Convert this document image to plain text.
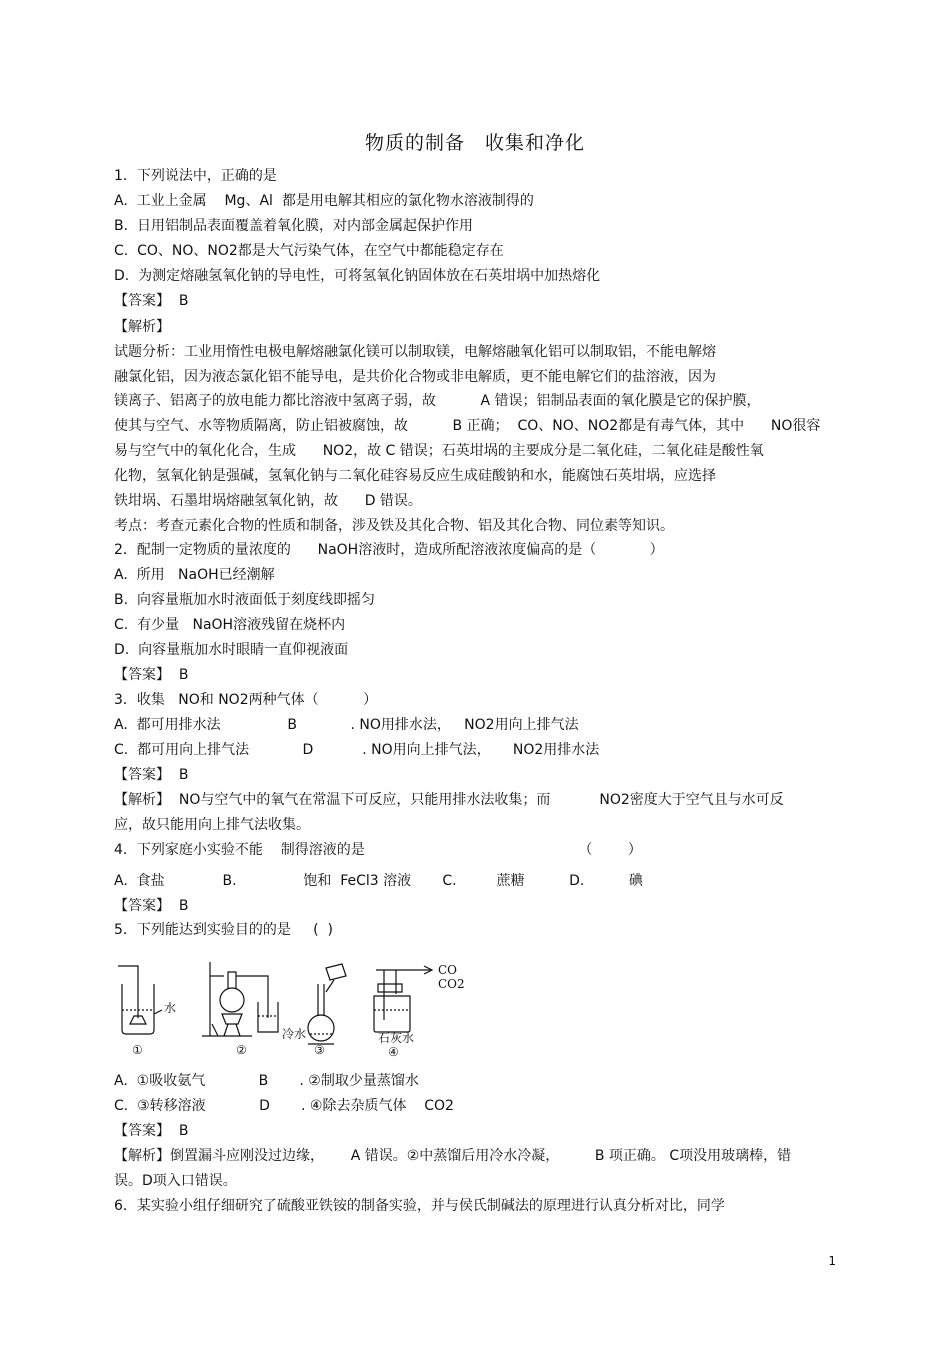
物质的制备　收集和净化
1．下列说法中，正确的是
A.  工业上金属    Mg、Al  都是用电解其相应的氯化物水溶液制得的
B.  日用铝制品表面覆盖着氧化膜，对内部金属起保护作用
C.  CO、NO、NO2都是大气污染气体，在空气中都能稳定存在
D.  为测定熔融氢氧化钠的导电性，可将氢氧化钠固体放在石英坩埚中加热熔化
【答案】  B
【解析】
试题分析：工业用惰性电极电解熔融氯化镁可以制取镁，电解熔融氧化铝可以制取铝，不能电解熔
融氯化铝，因为液态氯化铝不能导电，是共价化合物或非电解质，更不能电解它们的盐溶液，因为
镁离子、铝离子的放电能力都比溶液中氢离子弱，故          A 错误；铝制品表面的氧化膜是它的保护膜，
使其与空气、水等物质隔离，防止铝被腐蚀，故          B 正确；  CO、NO、NO2都是有毒气体，其中      NO很容
易与空气中的氧化化合，生成      NO2，故 C 错误；石英坩埚的主要成分是二氧化硅，二氧化硅是酸性氧
化物，氢氧化钠是强碱，氢氧化钠与二氧化硅容易反应生成硅酸钠和水，能腐蚀石英坩埚，应选择
铁坩埚、石墨坩埚熔融氢氧化钠，故      D 错误。
考点：考查元素化合物的性质和制备，涉及铁及其化合物、铝及其化合物、同位素等知识。
2．配制一定物质的量浓度的      NaOH溶液时，造成所配溶液浓度偏高的是（            ）
A.  所用   NaOH已经潮解
B.  向容量瓶加水时液面低于刻度线即摇匀
C.  有少量   NaOH溶液残留在烧杯内
D.  向容量瓶加水时眼睛一直仰视液面
【答案】  B
3．收集   NO和 NO2两种气体（          ）
A.  都可用排水法               B            . NO用排水法，   NO2用向上排气法
C.  都可用向上排气法            D           . NO用向上排气法，     NO2用排水法
【答案】  B
【解析】  NO与空气中的氧气在常温下可反应，只能用排水法收集；而           NO2密度大于空气且与水可反
应，故只能用向上排气法收集。
4．下列家庭小实验不能    制得溶液的是                                                （        ）
A.  食盐             B.               饱和  FeCl3 溶液       C.         蔗糖          D.          碘
【答案】  B
5．下列能达到实验目的的是     (  )
A.  ①吸收氨气            B       . ②制取少量蒸馏水
C.  ③转移溶液            D       . ④除去杂质气体    CO2
【答案】  B
【解析】倒置漏斗应刚没过边缘，      A 错误。②中蒸馏后用冷水冷凝，        B 项正确。 C项没用玻璃棒，错
误。D项入口错误。
6．某实验小组仔细研究了硫酸亚铁铵的制备实验，并与侯氏制碱法的原理进行认真分析对比，同学
水
①
冷水
②	③
CO
CO2
石灰水
④
1
